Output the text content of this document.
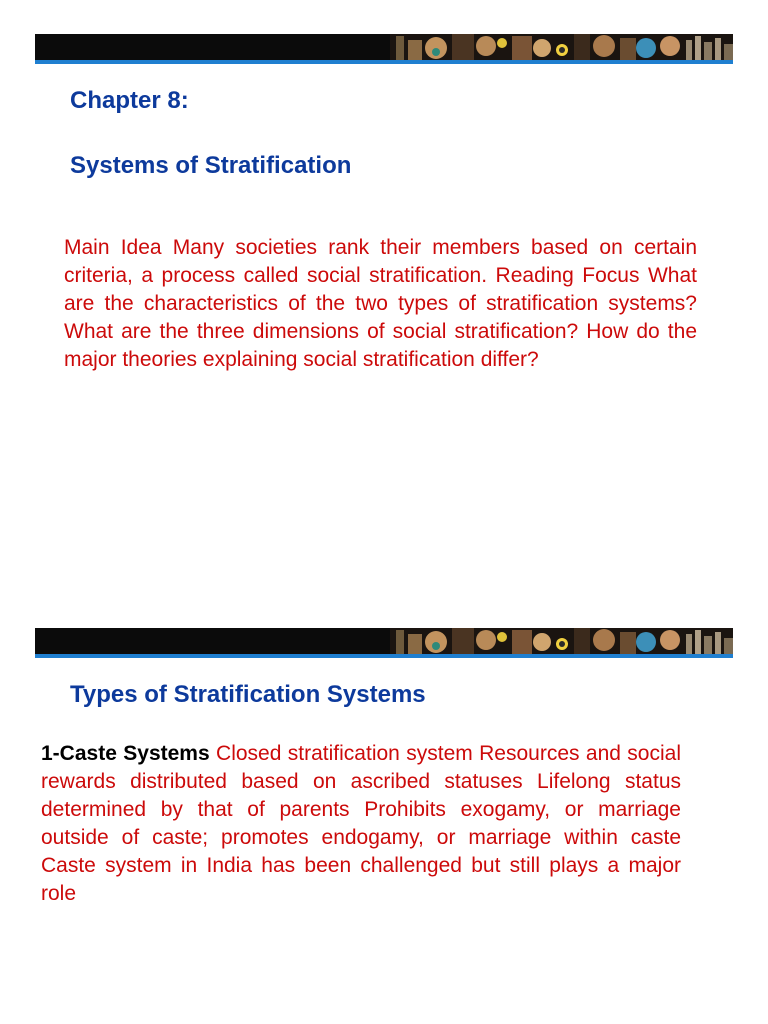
Chapter 8:
Systems of Stratification

Main Idea Many societies rank their members based on certain criteria, a process called social stratification. Reading Focus What are the characteristics of the two types of stratification systems? What are the three dimensions of social stratification? How do the major theories explaining social stratification differ?

Types of Stratification Systems

1-Caste Systems Closed stratification system Resources and social rewards distributed based on ascribed statuses Lifelong status determined by that of parents Prohibits exogamy, or marriage outside of caste; promotes endogamy, or marriage within caste Caste system in India has been challenged but still plays a major role
